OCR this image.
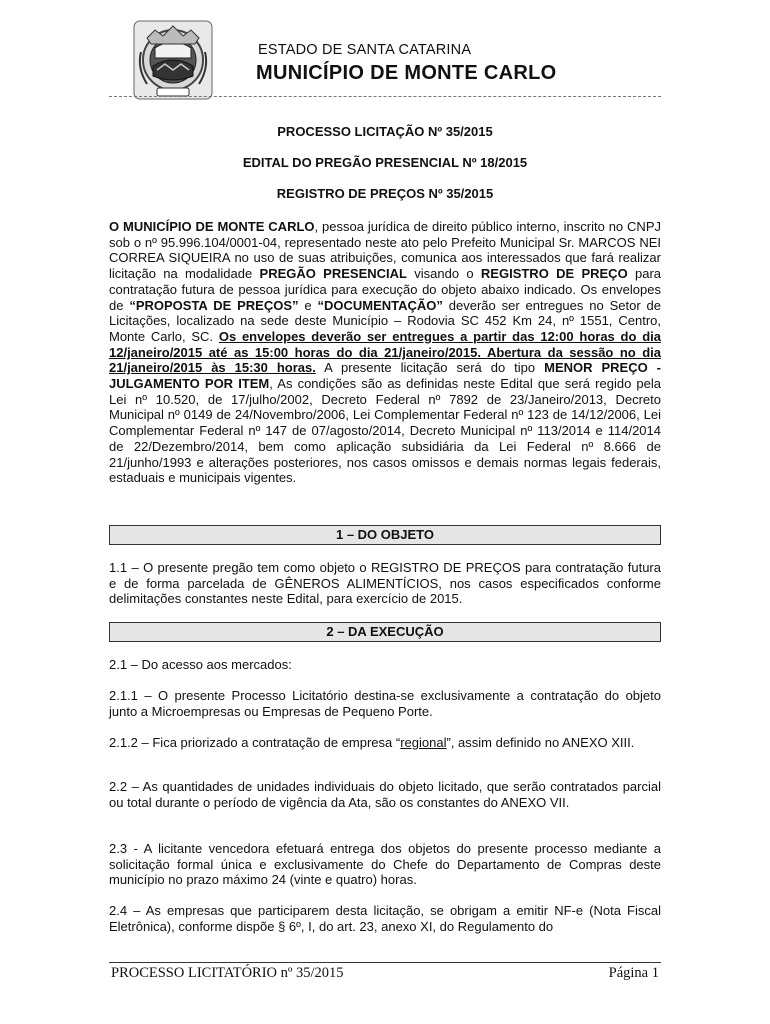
ESTADO DE SANTA CATARINA
MUNICÍPIO DE MONTE CARLO
PROCESSO LICITAÇÃO Nº 35/2015
EDITAL DO PREGÃO PRESENCIAL Nº 18/2015
REGISTRO DE PREÇOS Nº 35/2015

O MUNICÍPIO DE MONTE CARLO, pessoa jurídica de direito público interno, inscrito no CNPJ sob o nº 95.996.104/0001-04, representado neste ato pelo Prefeito Municipal Sr. MARCOS NEI CORREA SIQUEIRA no uso de suas atribuições, comunica aos interessados que fará realizar licitação na modalidade PREGÃO PRESENCIAL visando o REGISTRO DE PREÇO para contratação futura de pessoa jurídica para execução do objeto abaixo indicado. Os envelopes de “PROPOSTA DE PREÇOS” e “DOCUMENTAÇÃO” deverão ser entregues no Setor de Licitações, localizado na sede deste Município – Rodovia SC 452 Km 24, nº 1551, Centro, Monte Carlo, SC. Os envelopes deverão ser entregues a partir das 12:00 horas do dia 12/janeiro/2015 até as 15:00 horas do dia 21/janeiro/2015. Abertura da sessão no dia 21/janeiro/2015 às 15:30 horas. A presente licitação será do tipo MENOR PREÇO - JULGAMENTO POR ITEM, As condições são as definidas neste Edital que será regido pela Lei nº 10.520, de 17/julho/2002, Decreto Federal nº 7892 de 23/Janeiro/2013, Decreto Municipal nº 0149 de 24/Novembro/2006, Lei Complementar Federal nº 123 de 14/12/2006, Lei Complementar Federal nº 147 de 07/agosto/2014, Decreto Municipal nº 113/2014 e 114/2014 de 22/Dezembro/2014, bem como aplicação subsidiária da Lei Federal nº 8.666 de 21/junho/1993 e alterações posteriores, nos casos omissos e demais normas legais federais, estaduais e municipais vigentes.

1 – DO OBJETO

1.1 – O presente pregão tem como objeto o REGISTRO DE PREÇOS para contratação futura e de forma parcelada de GÊNEROS ALIMENTÍCIOS, nos casos especificados conforme delimitações constantes neste Edital, para exercício de 2015.

2 – DA EXECUÇÃO

2.1 – Do acesso aos mercados:

2.1.1 – O presente Processo Licitatório destina-se exclusivamente a contratação do objeto junto a Microempresas ou Empresas de Pequeno Porte.

2.1.2 – Fica priorizado a contratação de empresa “regional”, assim definido no ANEXO XIII.

2.2 – As quantidades de unidades individuais do objeto licitado, que serão contratados parcial ou total durante o período de vigência da Ata, são os constantes do ANEXO VII.

2.3 - A licitante vencedora efetuará entrega dos objetos do presente processo mediante a solicitação formal única e exclusivamente do Chefe do Departamento de Compras deste município no prazo máximo 24 (vinte e quatro) horas.

2.4 – As empresas que participarem desta licitação, se obrigam a emitir NF-e (Nota Fiscal Eletrônica), conforme dispõe § 6º, I, do art. 23, anexo XI, do Regulamento do

PROCESSO LICITATÓRIO nº 35/2015	Página 1
